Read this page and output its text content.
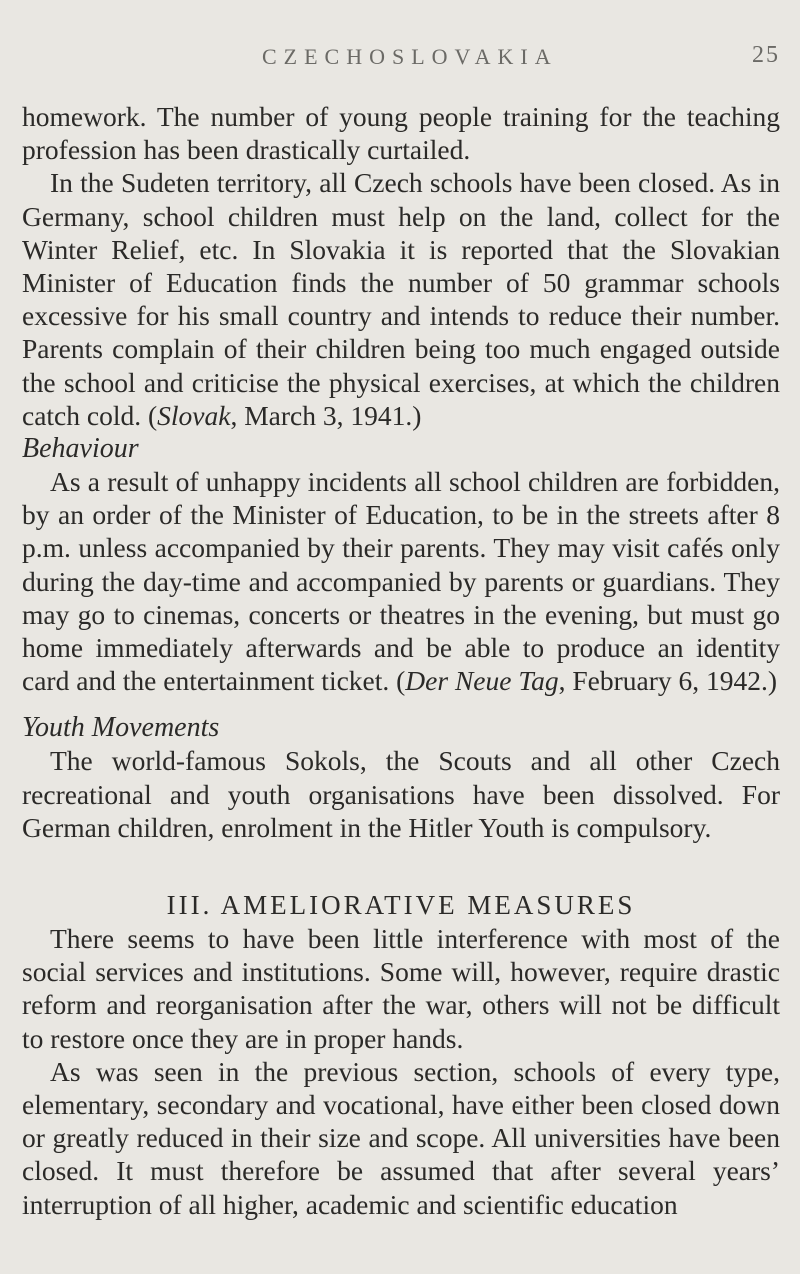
CZECHOSLOVAKIA	25

homework. The number of young people training for the teaching profession has been drastically curtailed.

In the Sudeten territory, all Czech schools have been closed. As in Germany, school children must help on the land, collect for the Winter Relief, etc. In Slovakia it is reported that the Slovakian Minister of Education finds the number of 50 grammar schools excessive for his small country and intends to reduce their number. Parents complain of their children being too much engaged outside the school and criticise the physical exercises, at which the children catch cold. (Slovak, March 3, 1941.)

Behaviour

As a result of unhappy incidents all school children are forbidden, by an order of the Minister of Education, to be in the streets after 8 p.m. unless accompanied by their parents. They may visit cafés only during the day-time and accompanied by parents or guardians. They may go to cinemas, concerts or theatres in the evening, but must go home immediately afterwards and be able to produce an identity card and the entertainment ticket. (Der Neue Tag, February 6, 1942.)

Youth Movements

The world-famous Sokols, the Scouts and all other Czech recreational and youth organisations have been dissolved. For German children, enrolment in the Hitler Youth is compulsory.

III. AMELIORATIVE MEASURES

There seems to have been little interference with most of the social services and institutions. Some will, however, require drastic reform and reorganisation after the war, others will not be difficult to restore once they are in proper hands.

As was seen in the previous section, schools of every type, elementary, secondary and vocational, have either been closed down or greatly reduced in their size and scope. All universities have been closed. It must therefore be assumed that after several years’ interruption of all higher, academic and scientific education
